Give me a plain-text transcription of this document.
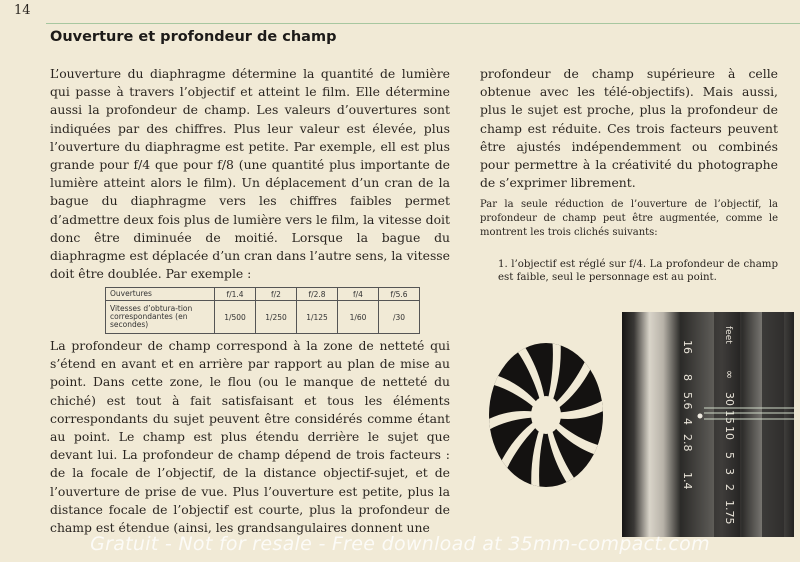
14
Ouverture et profondeur de champ

L’ouverture du diaphragme détermine la quantité de lumière qui passe à travers l’objectif et atteint le film. Elle détermine aussi la profondeur de champ. Les valeurs d’ouvertures sont indiquées par des chiffres. Plus leur valeur est élevée, plus l’ouverture du diaphragme est petite. Par exemple, ell est plus grande pour f/4 que pour f/8 (une quantité plus importante de lumière atteint alors le film). Un déplacement d’un cran de la bague du diaphragme vers les chiffres faibles permet d’admettre deux fois plus de lumière vers le film, la vitesse doit donc être diminuée de moitié. Lorsque la bague du diaphragme est déplacée d’un cran dans l’autre sens, la vitesse doit être doublée. Par exemple :

Ouvertures	f/1.4	f/2	f/2.8	f/4	f/5.6
Vitesses d’obtura-tion correspondantes (en secondes)	1/500	1/250	1/125	1/60	/30

La profondeur de champ correspond à la zone de netteté qui s’étend en avant et en arrière par rapport au plan de mise au point. Dans cette zone, le flou (ou le manque de netteté du chiché) est tout à fait satisfaisant et tous les éléments correspondants du sujet peuvent être considérés comme étant au point. Le champ est plus étendu derrière le sujet que devant lui. La profondeur de champ dépend de trois facteurs : de la focale de l’objectif, de la distance objectif-sujet, et de l’ouverture de prise de vue. Plus l’ouverture est petite, plus la distance focale de l’objectif est courte, plus la profondeur de champ est étendue (ainsi, les grandsangulaires donnent une

profondeur de champ supérieure à celle obtenue avec les télé-objectifs). Mais aussi, plus le sujet est proche, plus la profondeur de champ est réduite. Ces trois facteurs peuvent être ajustés indépendemment ou combinés pour permettre à la créativité du photographe de s’exprimer librement.

Par la seule réduction de l’ouverture de l’objectif, la profondeur de champ peut être augmentée, comme le montrent les trois clichés suivants:

1. l’objectif est réglé sur f/4. La profondeur de champ est faible, seul le personnage est au point.

16
8
5.6
4
2.8
1.4
feet
∞
30
15
10
5
3
2
1.75
Gratuit - Not for resale - Free download at 35mm-compact.com
